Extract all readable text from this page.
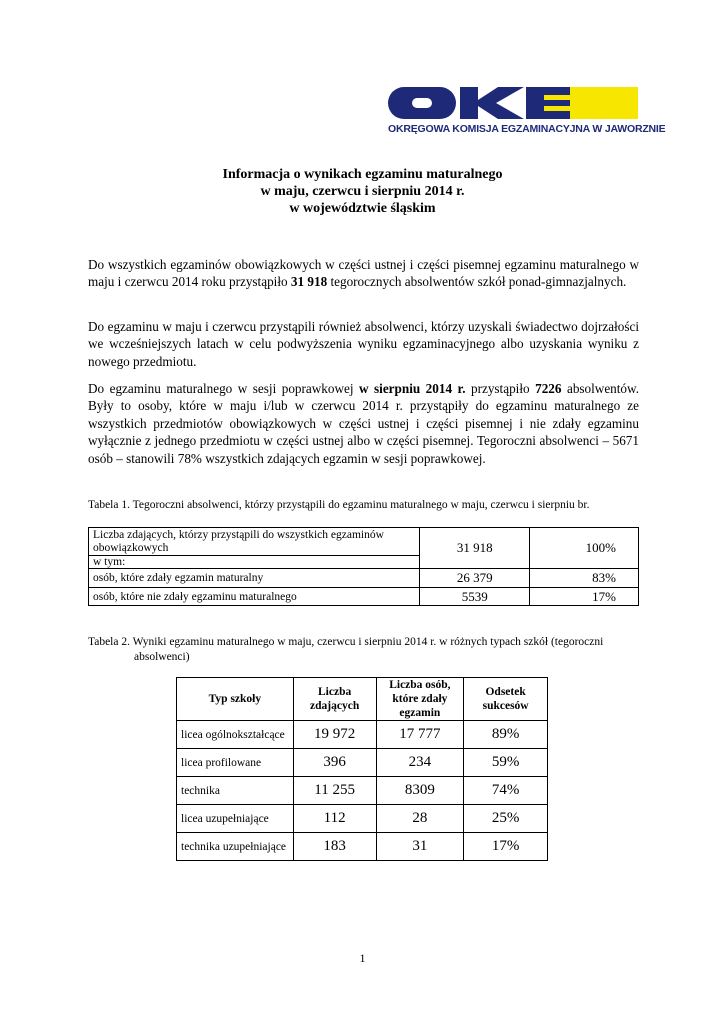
OKRĘGOWA KOMISJA EGZAMINACYJNA W JAWORZNIE
Informacja o wynikach egzaminu maturalnego
w maju, czerwcu i sierpniu 2014 r.
w województwie śląskim
Do wszystkich egzaminów obowiązkowych w części ustnej i części pisemnej egzaminu maturalnego w maju i czerwcu 2014 roku przystąpiło 31 918 tegorocznych absolwentów szkół ponad-gimnazjalnych.
Do egzaminu w maju i czerwcu przystąpili również absolwenci, którzy uzyskali świadectwo dojrzałości we wcześniejszych latach w celu podwyższenia wyniku egzaminacyjnego albo uzyskania wyniku z nowego przedmiotu.
Do egzaminu maturalnego w sesji poprawkowej w sierpniu 2014 r. przystąpiło 7226 absolwentów. Były to osoby, które w maju i/lub w czerwcu 2014 r. przystąpiły do egzaminu maturalnego ze wszystkich przedmiotów obowiązkowych w części ustnej i części pisemnej i nie zdały egzaminu wyłącznie z jednego przedmiotu w części ustnej albo w części pisemnej. Tegoroczni absolwenci – 5671 osób – stanowili 78% wszystkich zdających egzamin w sesji poprawkowej.
Tabela 1. Tegoroczni absolwenci, którzy przystąpili do egzaminu maturalnego w maju, czerwcu i sierpniu br.
Liczba zdających, którzy przystąpili do wszystkich egzaminów obowiązkowych	31 918	100%
w tym:		
osób, które zdały egzamin maturalny	26 379	83%
osób, które nie zdały egzaminu maturalnego	5539	17%
Tabela 2. Wyniki egzaminu maturalnego w maju, czerwcu i sierpniu 2014 r. w różnych typach szkół (tegoroczni absolwenci)
Typ szkoły	Liczba zdających	Liczba osób, które zdały egzamin	Odsetek sukcesów
licea ogólnokształcące	19 972	17 777	89%
licea profilowane	396	234	59%
technika	11 255	8309	74%
licea uzupełniające	112	28	25%
technika uzupełniające	183	31	17%
1
